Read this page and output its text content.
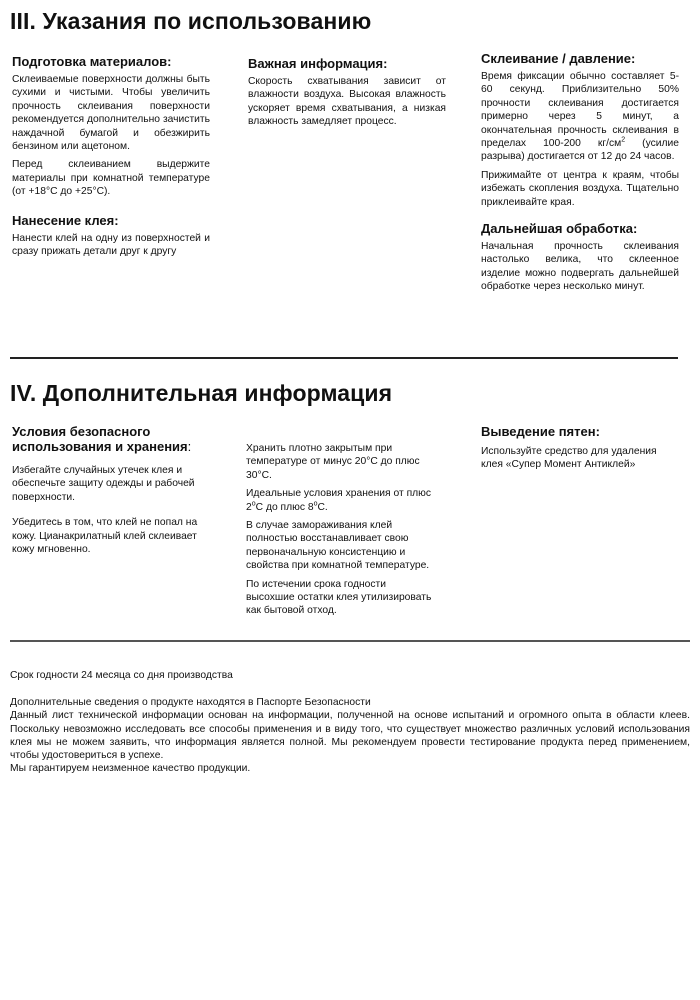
III. Указания по использованию
Подготовка материалов:

Склеиваемые поверхности должны быть сухими и чистыми. Чтобы увеличить прочность склеивания поверхности рекомендуется дополнительно зачистить наждачной бумагой и обезжирить бензином или ацетоном.

Перед склеиванием выдержите материалы при комнатной температуре (от +18°С до +25°С).

Нанесение клея:

Нанести клей на одну из поверхностей и сразу прижать детали друг к другу

Важная информация:

Скорость схватывания зависит от влажности воздуха. Высокая влажность ускоряет время схватывания, а низкая влажность замедляет процесс.

Склеивание / давление:

Время фиксации обычно составляет 5-60 секунд. Приблизительно 50% прочности склеивания достигается примерно через 5 минут, а окончательная прочность склеивания в пределах 100-200 $кг/см^2$ (усилие разрыва) достигается от 12 до 24 часов.

Прижимайте от центра к краям, чтобы избежать скопления воздуха. Тщательно приклеивайте края.

Дальнейшая обработка:

Начальная прочность склеивания настолько велика, что склеенное изделие можно подвергать дальнейшей обработке через несколько минут.

IV. Дополнительная информация
Условия безопасного использования и хранения:

Избегайте случайных утечек клея и обеспечьте защиту одежды и рабочей поверхности.

Убедитесь в том, что клей не попал на кожу. Цианакрилатный клей склеивает кожу мгновенно.

Хранить плотно закрытым при температуре от минус 20°С до плюс 30°С.

Идеальные условия хранения от плюс $2^оС$ до плюс $8^оС$.

В случае замораживания клей полностью восстанавливает свою первоначальную консистенцию и свойства при комнатной температуре.

По истечении срока годности высохшие остатки клея утилизировать как бытовой отход.

Выведение пятен:

Используйте средство для удаления клея «Супер Момент Антиклей»

Срок годности 24 месяца со дня производства

Дополнительные сведения о продукте находятся в Паспорте Безопасности

Данный лист технической информации основан на информации, полученной на основе испытаний и огромного опыта в области клеев. Поскольку невозможно исследовать все способы применения и в виду того, что существует множество различных условий использования клея мы не можем заявить, что информация является полной. Мы рекомендуем провести тестирование продукта перед применением, чтобы удостовериться в успехе.

Мы гарантируем неизменное качество продукции.
